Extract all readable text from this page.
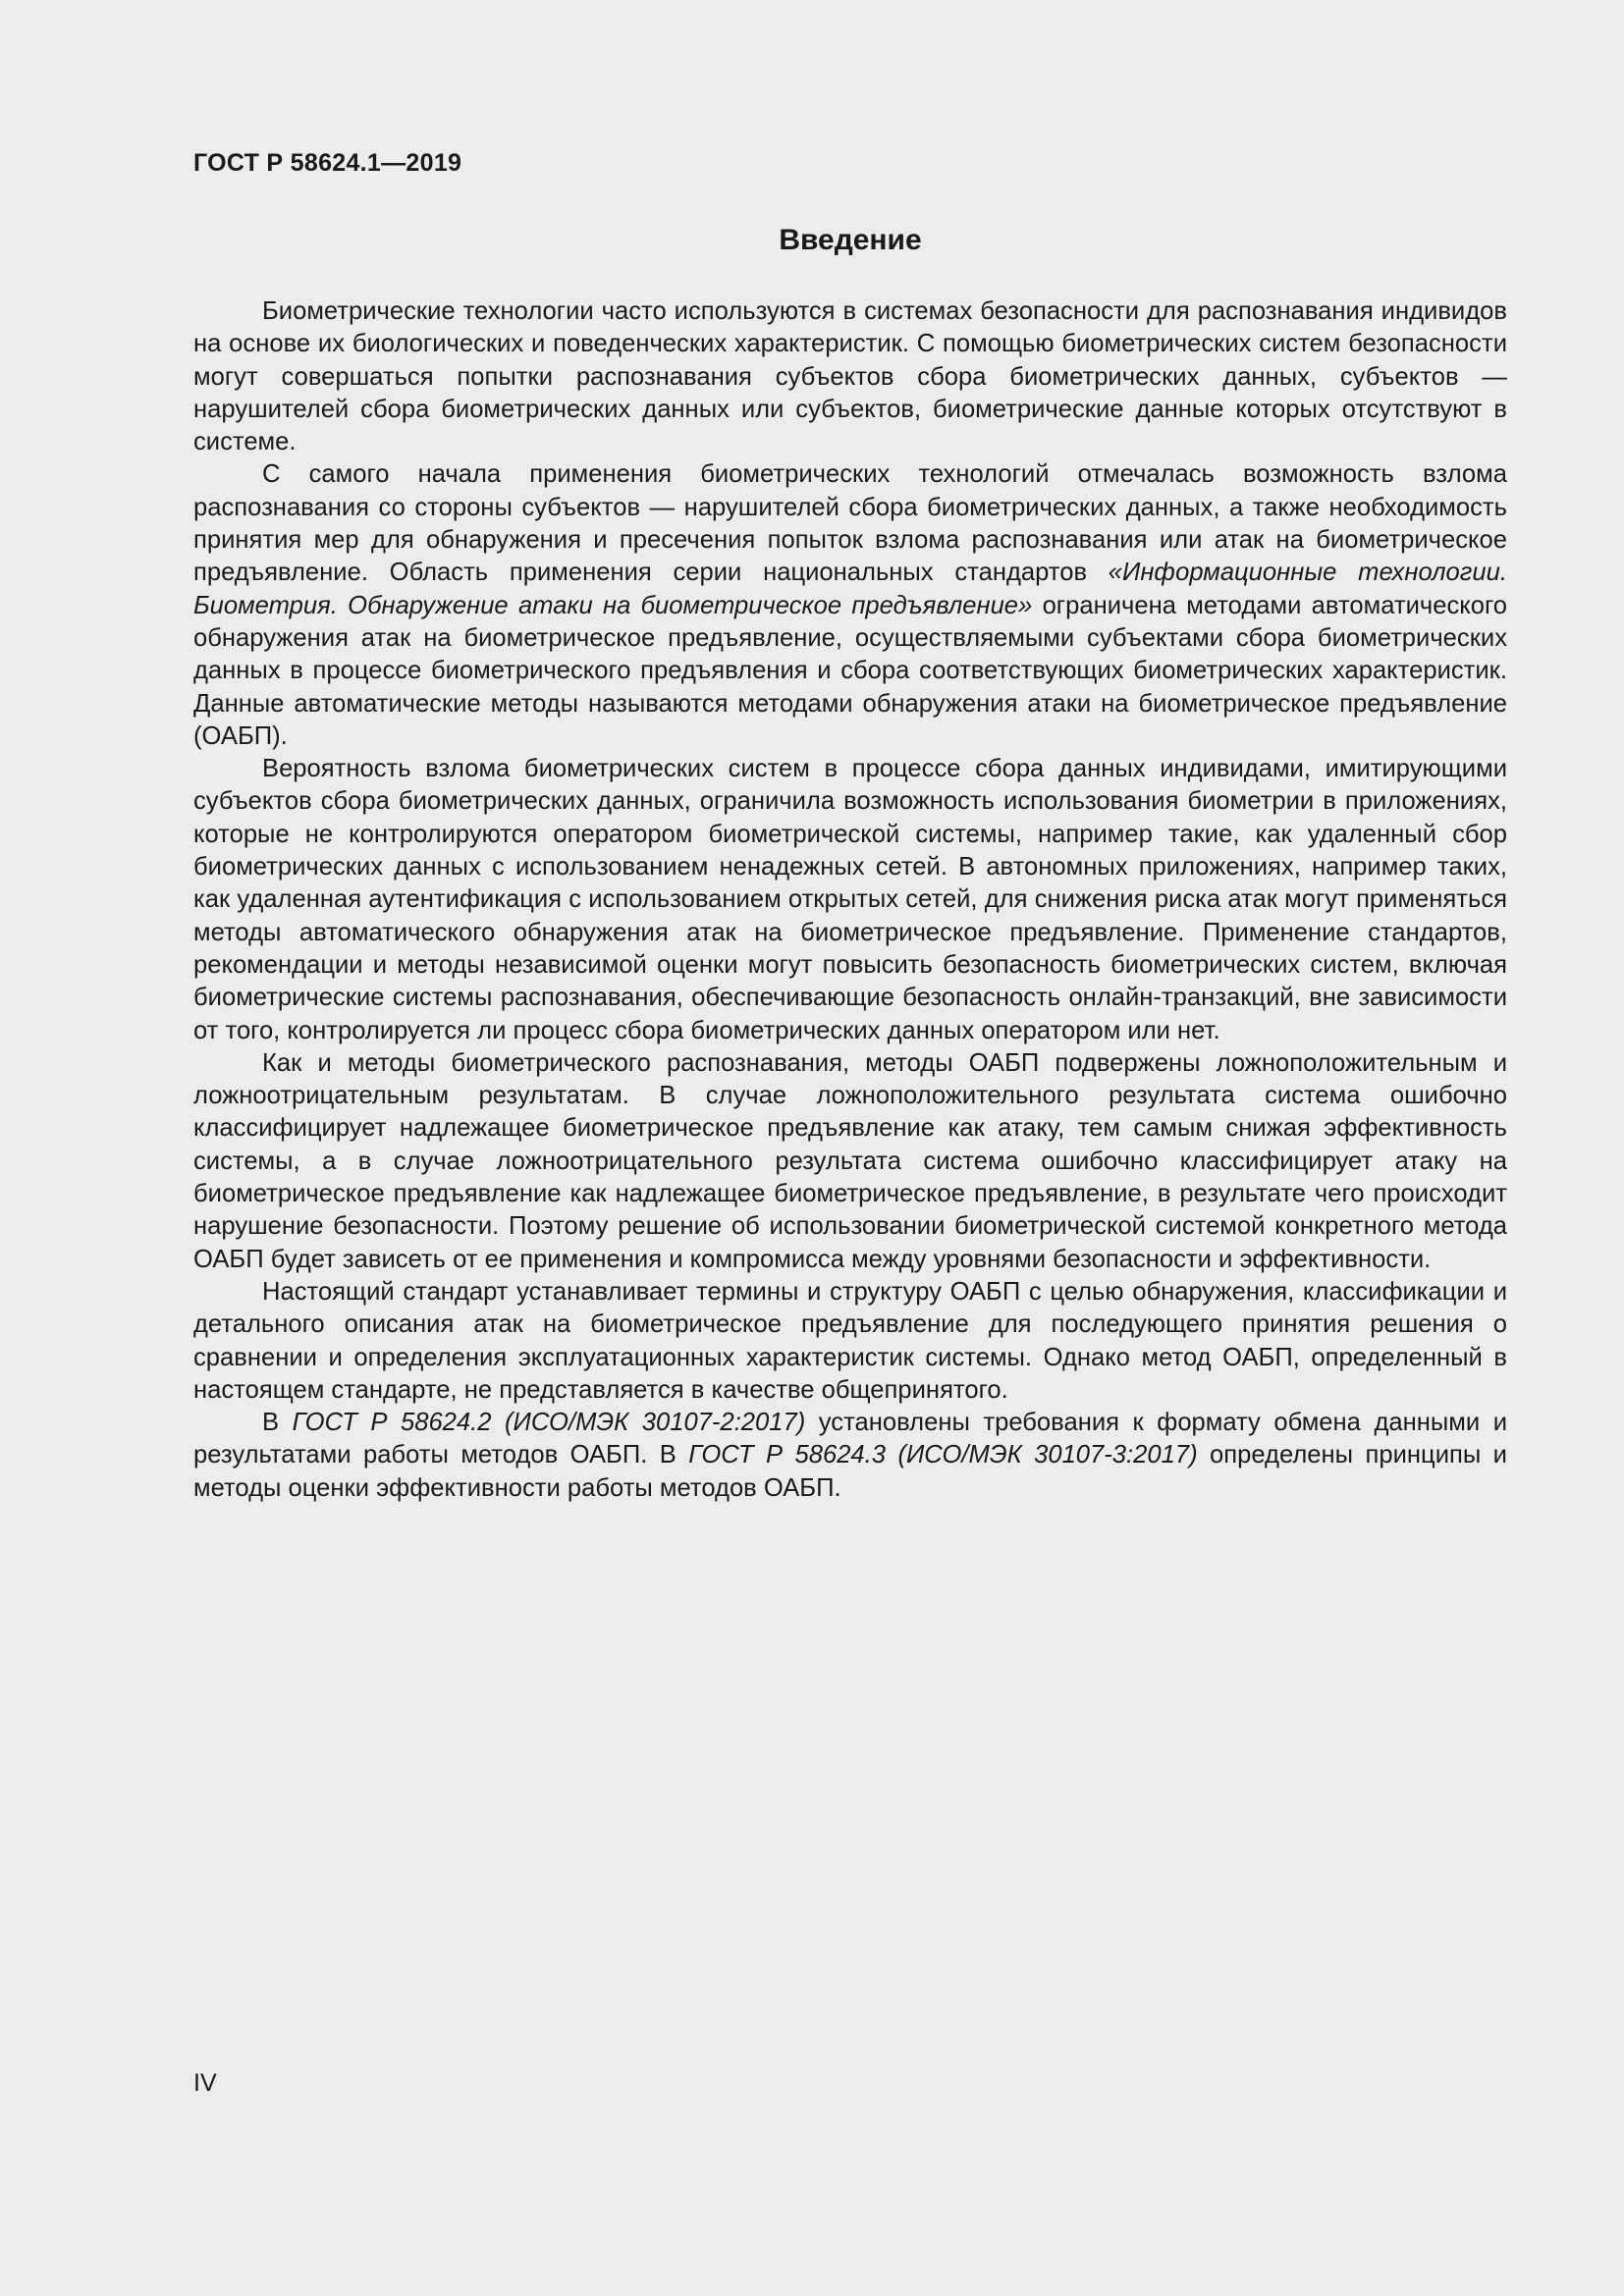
ГОСТ Р 58624.1—2019
Введение

Биометрические технологии часто используются в системах безопасности для распознавания индивидов на основе их биологических и поведенческих характеристик. С помощью биометрических систем безопасности могут совершаться попытки распознавания субъектов сбора биометрических данных, субъектов — нарушителей сбора биометрических данных или субъектов, биометрические данные которых отсутствуют в системе.

С самого начала применения биометрических технологий отмечалась возможность взлома распознавания со стороны субъектов — нарушителей сбора биометрических данных, а также необходимость принятия мер для обнаружения и пресечения попыток взлома распознавания или атак на биометрическое предъявление. Область применения серии национальных стандартов «Информационные технологии. Биометрия. Обнаружение атаки на биометрическое предъявление» ограничена методами автоматического обнаружения атак на биометрическое предъявление, осуществляемыми субъектами сбора биометрических данных в процессе биометрического предъявления и сбора соответствующих биометрических характеристик. Данные автоматические методы называются методами обнаружения атаки на биометрическое предъявление (ОАБП).

Вероятность взлома биометрических систем в процессе сбора данных индивидами, имитирующими субъектов сбора биометрических данных, ограничила возможность использования биометрии в приложениях, которые не контролируются оператором биометрической системы, например такие, как удаленный сбор биометрических данных с использованием ненадежных сетей. В автономных приложениях, например таких, как удаленная аутентификация с использованием открытых сетей, для снижения риска атак могут применяться методы автоматического обнаружения атак на биометрическое предъявление. Применение стандартов, рекомендации и методы независимой оценки могут повысить безопасность биометрических систем, включая биометрические системы распознавания, обеспечивающие безопасность онлайн-транзакций, вне зависимости от того, контролируется ли процесс сбора биометрических данных оператором или нет.

Как и методы биометрического распознавания, методы ОАБП подвержены ложноположительным и ложноотрицательным результатам. В случае ложноположительного результата система ошибочно классифицирует надлежащее биометрическое предъявление как атаку, тем самым снижая эффективность системы, а в случае ложноотрицательного результата система ошибочно классифицирует атаку на биометрическое предъявление как надлежащее биометрическое предъявление, в результате чего происходит нарушение безопасности. Поэтому решение об использовании биометрической системой конкретного метода ОАБП будет зависеть от ее применения и компромисса между уровнями безопасности и эффективности.

Настоящий стандарт устанавливает термины и структуру ОАБП с целью обнаружения, классификации и детального описания атак на биометрическое предъявление для последующего принятия решения о сравнении и определения эксплуатационных характеристик системы. Однако метод ОАБП, определенный в настоящем стандарте, не представляется в качестве общепринятого.

В ГОСТ Р 58624.2 (ИСО/МЭК 30107-2:2017) установлены требования к формату обмена данными и результатами работы методов ОАБП. В ГОСТ Р 58624.3 (ИСО/МЭК 30107-3:2017) определены принципы и методы оценки эффективности работы методов ОАБП.

IV
